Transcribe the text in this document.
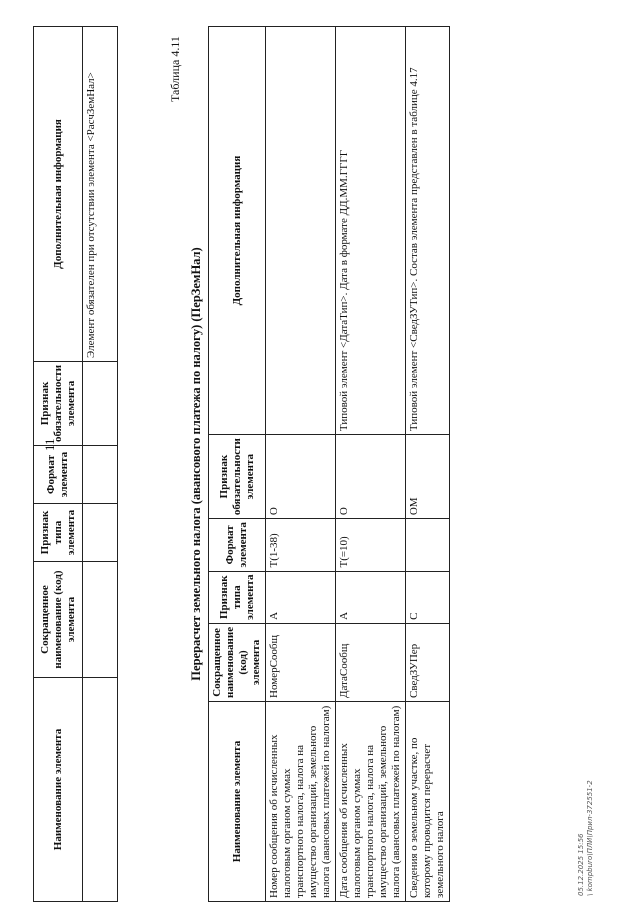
11
Наименование элемента	Сокращенное наименование (код) элемента	Признак типа элемента	Формат элемента	Признак обязательности элемента	Дополнительная информация
					Элемент обязателен при отсутствии элемента <РасчЗемНал>
Таблица 4.11
Перерасчет земельного налога (авансового платежа по налогу) (ПерЗемНал)
Наименование элемента	Сокращенное наименование (код) элемента	Признак типа элемента	Формат элемента	Признак обязательности элемента	Дополнительная информация
Номер сообщения об исчисленных налоговым органом суммах транспортного налога, налога на имущество организаций, земельного налога (авансовых платежей по налогам)	НомерСообщ	А	T(1-38)	О	
Дата сообщения об исчисленных налоговым органом суммах транспортного налога, налога на имущество организаций, земельного налога (авансовых платежей по налогам)	ДатаСообщ	А	T(=10)	О	Типовой элемент <ДатаТип>. Дата в формате ДД.ММ.ГГГГ
Сведения о земельном участке, по которому проводится перерасчет земельного налога	СведЗУПер	С		ОМ	Типовой элемент <СведЗУТип>. Состав элемента представлен в таблице 4.17
05.12.2025 15:56 \ kompburo\ПЛИ\Прил-372551-2
